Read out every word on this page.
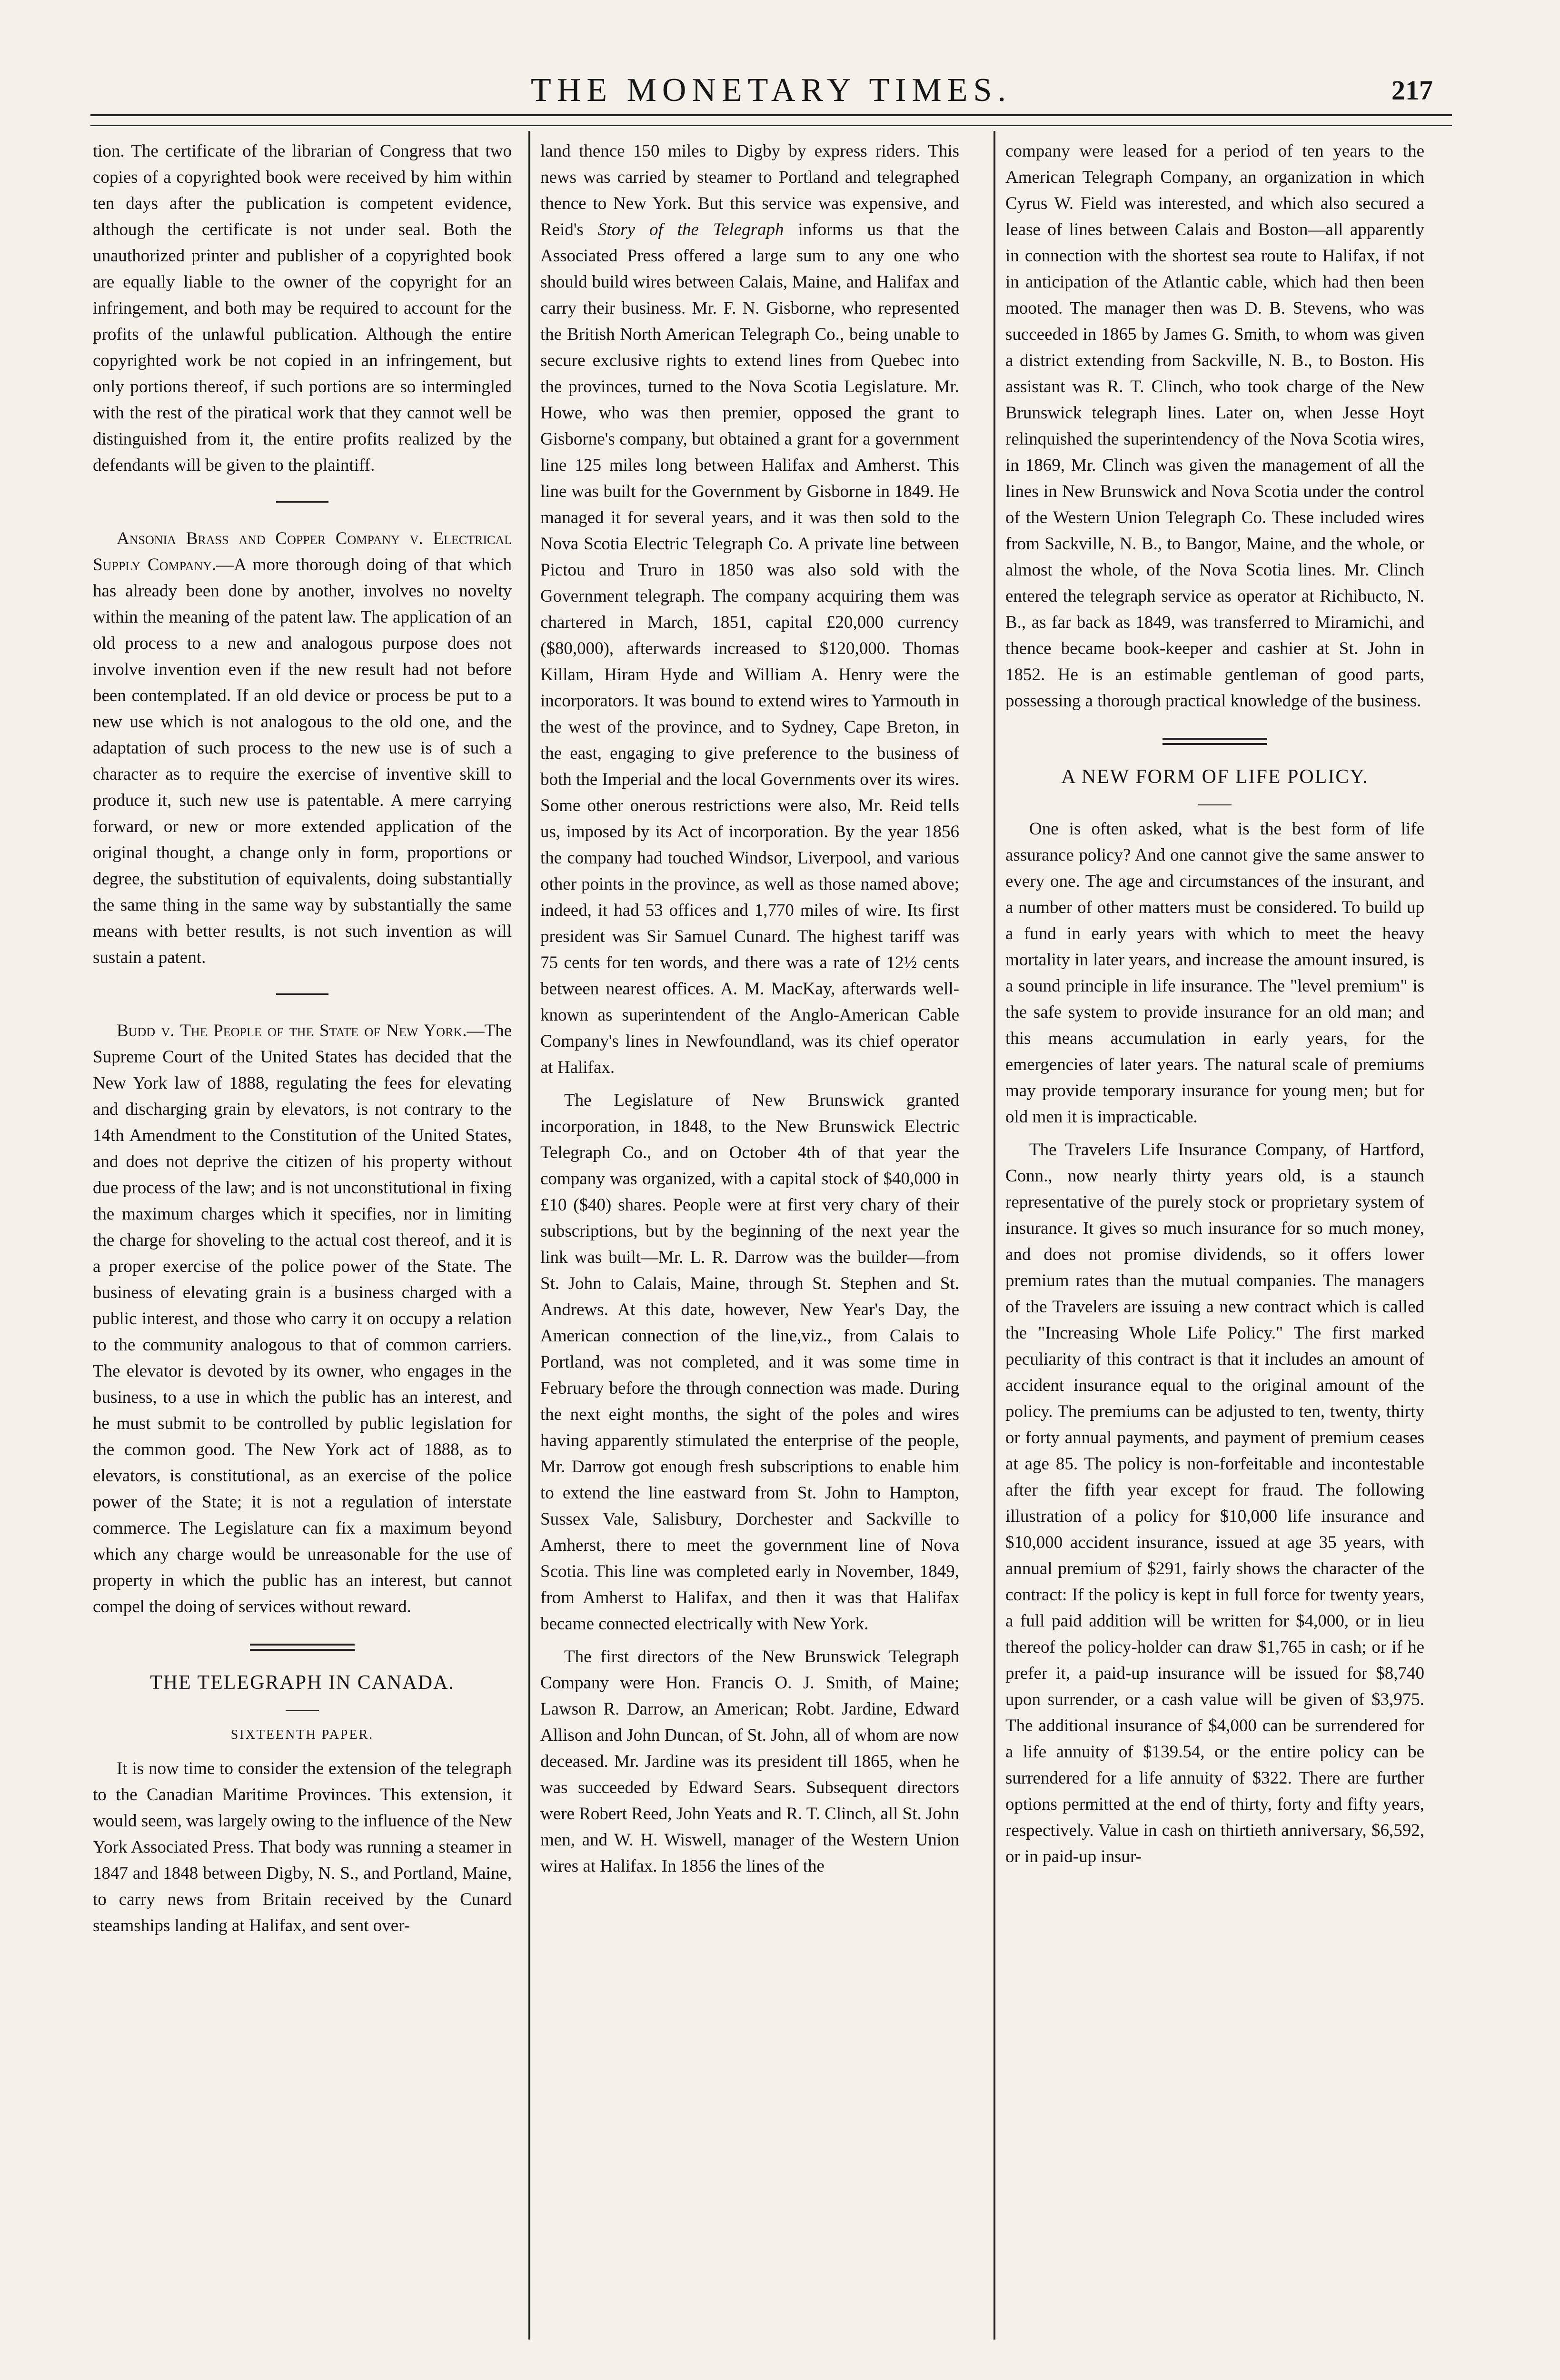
THE MONETARY TIMES.	217

tion. The certificate of the librarian of Congress that two copies of a copyrighted book were received by him within ten days after the publication is competent evidence, although the certificate is not under seal. Both the unauthorized printer and publisher of a copyrighted book are equally liable to the owner of the copyright for an infringement, and both may be required to account for the profits of the unlawful publication. Although the entire copyrighted work be not copied in an infringement, but only portions thereof, if such portions are so intermingled with the rest of the piratical work that they cannot well be distinguished from it, the entire profits realized by the defendants will be given to the plaintiff.

Ansonia Brass and Copper Company v. Electrical Supply Company.—A more thorough doing of that which has already been done by another, involves no novelty within the meaning of the patent law. The application of an old process to a new and analogous purpose does not involve invention even if the new result had not before been contemplated. If an old device or process be put to a new use which is not analogous to the old one, and the adaptation of such process to the new use is of such a character as to require the exercise of inventive skill to produce it, such new use is patentable. A mere carrying forward, or new or more extended application of the original thought, a change only in form, proportions or degree, the substitution of equivalents, doing substantially the same thing in the same way by substantially the same means with better results, is not such invention as will sustain a patent.

Budd v. The People of the State of New York.—The Supreme Court of the United States has decided that the New York law of 1888, regulating the fees for elevating and discharging grain by elevators, is not contrary to the 14th Amendment to the Constitution of the United States, and does not deprive the citizen of his property without due process of the law; and is not unconstitutional in fixing the maximum charges which it specifies, nor in limiting the charge for shoveling to the actual cost thereof, and it is a proper exercise of the police power of the State. The business of elevating grain is a business charged with a public interest, and those who carry it on occupy a relation to the community analogous to that of common carriers. The elevator is devoted by its owner, who engages in the business, to a use in which the public has an interest, and he must submit to be controlled by public legislation for the common good. The New York act of 1888, as to elevators, is constitutional, as an exercise of the police power of the State; it is not a regulation of interstate commerce. The Legislature can fix a maximum beyond which any charge would be unreasonable for the use of property in which the public has an interest, but cannot compel the doing of services without reward.

THE TELEGRAPH IN CANADA.
SIXTEENTH PAPER.

It is now time to consider the extension of the telegraph to the Canadian Maritime Provinces. This extension, it would seem, was largely owing to the influence of the New York Associated Press. That body was running a steamer in 1847 and 1848 between Digby, N. S., and Portland, Maine, to carry news from Britain received by the Cunard steamships landing at Halifax, and sent over-

land thence 150 miles to Digby by express riders. This news was carried by steamer to Portland and telegraphed thence to New York. But this service was expensive, and Reid's Story of the Telegraph informs us that the Associated Press offered a large sum to any one who should build wires between Calais, Maine, and Halifax and carry their business. Mr. F. N. Gisborne, who represented the British North American Telegraph Co., being unable to secure exclusive rights to extend lines from Quebec into the provinces, turned to the Nova Scotia Legislature. Mr. Howe, who was then premier, opposed the grant to Gisborne's company, but obtained a grant for a government line 125 miles long between Halifax and Amherst. This line was built for the Government by Gisborne in 1849. He managed it for several years, and it was then sold to the Nova Scotia Electric Telegraph Co. A private line between Pictou and Truro in 1850 was also sold with the Government telegraph. The company acquiring them was chartered in March, 1851, capital £20,000 currency ($80,000), afterwards increased to $120,000. Thomas Killam, Hiram Hyde and William A. Henry were the incorporators. It was bound to extend wires to Yarmouth in the west of the province, and to Sydney, Cape Breton, in the east, engaging to give preference to the business of both the Imperial and the local Governments over its wires. Some other onerous restrictions were also, Mr. Reid tells us, imposed by its Act of incorporation. By the year 1856 the company had touched Windsor, Liverpool, and various other points in the province, as well as those named above; indeed, it had 53 offices and 1,770 miles of wire. Its first president was Sir Samuel Cunard. The highest tariff was 75 cents for ten words, and there was a rate of 12½ cents between nearest offices. A. M. MacKay, afterwards well-known as superintendent of the Anglo-American Cable Company's lines in Newfoundland, was its chief operator at Halifax.

The Legislature of New Brunswick granted incorporation, in 1848, to the New Brunswick Electric Telegraph Co., and on October 4th of that year the company was organized, with a capital stock of $40,000 in £10 ($40) shares. People were at first very chary of their subscriptions, but by the beginning of the next year the link was built—Mr. L. R. Darrow was the builder—from St. John to Calais, Maine, through St. Stephen and St. Andrews. At this date, however, New Year's Day, the American connection of the line,viz., from Calais to Portland, was not completed, and it was some time in February before the through connection was made. During the next eight months, the sight of the poles and wires having apparently stimulated the enterprise of the people, Mr. Darrow got enough fresh subscriptions to enable him to extend the line eastward from St. John to Hampton, Sussex Vale, Salisbury, Dorchester and Sackville to Amherst, there to meet the government line of Nova Scotia. This line was completed early in November, 1849, from Amherst to Halifax, and then it was that Halifax became connected electrically with New York.

The first directors of the New Brunswick Telegraph Company were Hon. Francis O. J. Smith, of Maine; Lawson R. Darrow, an American; Robt. Jardine, Edward Allison and John Duncan, of St. John, all of whom are now deceased. Mr. Jardine was its president till 1865, when he was succeeded by Edward Sears. Subsequent directors were Robert Reed, John Yeats and R. T. Clinch, all St. John men, and W. H. Wiswell, manager of the Western Union wires at Halifax. In 1856 the lines of the

company were leased for a period of ten years to the American Telegraph Company, an organization in which Cyrus W. Field was interested, and which also secured a lease of lines between Calais and Boston—all apparently in connection with the shortest sea route to Halifax, if not in anticipation of the Atlantic cable, which had then been mooted. The manager then was D. B. Stevens, who was succeeded in 1865 by James G. Smith, to whom was given a district extending from Sackville, N. B., to Boston. His assistant was R. T. Clinch, who took charge of the New Brunswick telegraph lines. Later on, when Jesse Hoyt relinquished the superintendency of the Nova Scotia wires, in 1869, Mr. Clinch was given the management of all the lines in New Brunswick and Nova Scotia under the control of the Western Union Telegraph Co. These included wires from Sackville, N. B., to Bangor, Maine, and the whole, or almost the whole, of the Nova Scotia lines. Mr. Clinch entered the telegraph service as operator at Richibucto, N. B., as far back as 1849, was transferred to Miramichi, and thence became book-keeper and cashier at St. John in 1852. He is an estimable gentleman of good parts, possessing a thorough practical knowledge of the business.

A NEW FORM OF LIFE POLICY.

One is often asked, what is the best form of life assurance policy? And one cannot give the same answer to every one. The age and circumstances of the insurant, and a number of other matters must be considered. To build up a fund in early years with which to meet the heavy mortality in later years, and increase the amount insured, is a sound principle in life insurance. The "level premium" is the safe system to provide insurance for an old man; and this means accumulation in early years, for the emergencies of later years. The natural scale of premiums may provide temporary insurance for young men; but for old men it is impracticable.

The Travelers Life Insurance Company, of Hartford, Conn., now nearly thirty years old, is a staunch representative of the purely stock or proprietary system of insurance. It gives so much insurance for so much money, and does not promise dividends, so it offers lower premium rates than the mutual companies. The managers of the Travelers are issuing a new contract which is called the "Increasing Whole Life Policy." The first marked peculiarity of this contract is that it includes an amount of accident insurance equal to the original amount of the policy. The premiums can be adjusted to ten, twenty, thirty or forty annual payments, and payment of premium ceases at age 85. The policy is non-forfeitable and incontestable after the fifth year except for fraud. The following illustration of a policy for $10,000 life insurance and $10,000 accident insurance, issued at age 35 years, with annual premium of $291, fairly shows the character of the contract: If the policy is kept in full force for twenty years, a full paid addition will be written for $4,000, or in lieu thereof the policy-holder can draw $1,765 in cash; or if he prefer it, a paid-up insurance will be issued for $8,740 upon surrender, or a cash value will be given of $3,975. The additional insurance of $4,000 can be surrendered for a life annuity of $139.54, or the entire policy can be surrendered for a life annuity of $322. There are further options permitted at the end of thirty, forty and fifty years, respectively. Value in cash on thirtieth anniversary, $6,592, or in paid-up insur-
